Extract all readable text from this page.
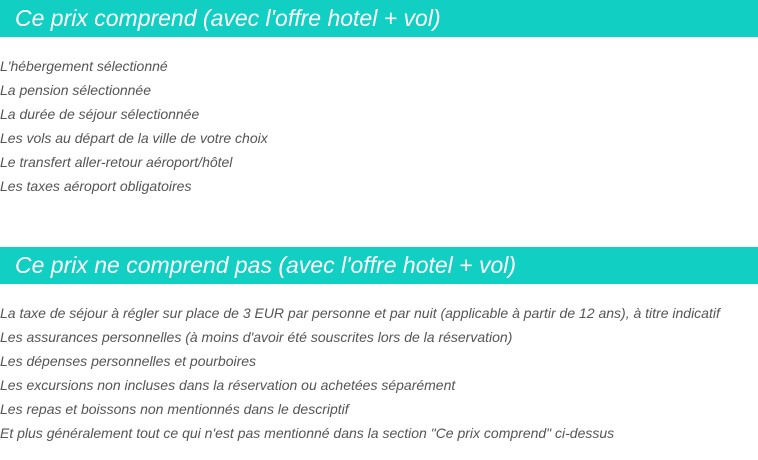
Ce prix comprend (avec l'offre hotel + vol)
L'hébergement sélectionné
La pension sélectionnée
La durée de séjour sélectionnée
Les vols au départ de la ville de votre choix
Le transfert aller-retour aéroport/hôtel
Les taxes aéroport obligatoires
Ce prix ne comprend pas (avec l'offre hotel + vol)
La taxe de séjour à régler sur place de 3 EUR par personne et par nuit (applicable à partir de 12 ans), à titre indicatif
Les assurances personnelles (à moins d'avoir été souscrites lors de la réservation)
Les dépenses personnelles et pourboires
Les excursions non incluses dans la réservation ou achetées séparément
Les repas et boissons non mentionnés dans le descriptif
Et plus généralement tout ce qui n'est pas mentionné dans la section "Ce prix comprend" ci-dessus
